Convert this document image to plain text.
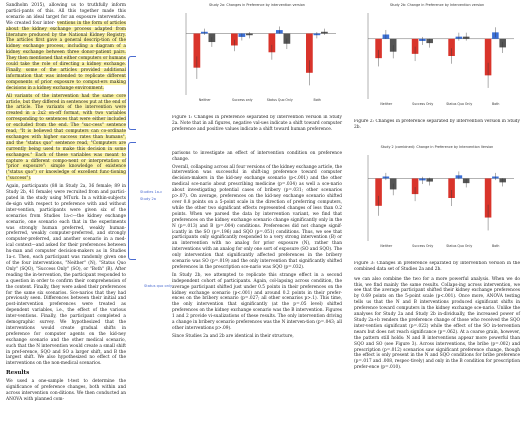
Sandholm 2015), allowing us to truthfully inform partici-pants of this. All this together made this scenario an ideal target for an exposure intervention. We created four inter- ventions in the form of articles about the kidney exchange process adapted from literature produced by the National Kidney Registry. The articles first gave a general descrip-tion of the kidney exchange process, including a diagram of a kidney exchange between three donor-patient pairs. They then mentioned that either computers or humans could take the role of directing a kidney exchange. Finally, some of the articles provided additional information that was intended to replicate different components of prior exposure to comput-ers making decisions in a kidney exchange environment.

All variants of the intervention had the same core article, but they differed in sentences put at the end of the article. The variants of the intervention were created in a 2x2 on-off format, with two variables corresponding to sentences that were either included or excluded from the end. The "suc-cess" sentence read, "It is believed that computers can co-ordinate exchanges with higher success rates than humans", and the "status quo" sentence read, "Computers are currently being used to make this decision in some exchanges." Each of these variables was meant to capture a different compo-nent or interpretation of "prior exposure": simple knowledge of existence ("status quo") or knowledge of excellent func-tioning ("success").

Again, participants (88 in Study 2a, 36 female; 89 in Study 2b, 41 female) were recruited from and partici-pated in the study using MTurk. In a within-subjects de-sign with respect to preference with and without inter-vention, participants were given six of the scenarios from Studies 1a-c—the kidney exchange scenario, one scenario each that in the experiments was strongly human preferred, weakly human-preferred, weakly computer-preferred, and strongly computer-preferred, and another scenario in a med-ical context—and asked for their preferences between hu-man and computer decision-makers as in Studies 1a-c. Then, each participant was randomly given one of the four interventions, "Neither" (N), "Status Quo Only" (SQO), "Success Only" (SO), or "Both" (B). After reading the in-tervention, the participant responded to a question in order to confirm their comprehension of the content. Finally, they were asked their preferences for the same six scenarios. Sce-narios that they had previously seen. Differences between their initial and post-intervention preferences were treated as dependent variables, i.e., the effect of the various inter-ventions. Finally, the participant completed a demographic survey. We hypothesized that the interventions would create gradual shifts in preference for computer agents on the kid-ney exchange scenario and the other medical scenario, such that the N intervention would create a small shift in pref-erence, SQO and SO a larger shift, and B the largest shift. We also hypothesized no effect of the interventions on the non-medical scenarios.

Results

We used a one-sample t-test to determine the significance of preference changes, both within and across intervention con-ditions. We then conducted an ANOVA with planned com-

Studies 1a-c
Study 2a
Status quo only
Study 2a: Changes in Preference by intervention version
Neither	Success only	Status Quo Only	Both

Figure 1: Changes in preference separated by intervention version in Study 2a. Note that in all figures, negative val-ues indicate a shift toward computer preference and positive values indicate a shift toward human preference.

parisons to investigate an effect of intervention condition on preference change.

Overall, collapsing across all four versions of the kidney exchange article, the intervention was successful in shift-ing preference toward computer decision-makers in the kid-ney exchange scenario (p<.001) and the other medical sce-nario about prescribing medicine (p=.034) as well a sce-nario about investigating potential cases of bribery (p=.031; other scenarios p>.07). On average, preferences on the kid-ney exchange scenario shifted over 0.8 points on a 5-point scale in the direction of preferring computers, while the other two significant effects represented changes of less than 0.2 points. When we parsed the data by intervention variant, we find that preferences on the kidney exchange scenario change significantly only in the N (p=.013) and B (p=.004) conditions. Preferences did not change signif-icantly in the SO (p=.196) and SQO (p=.051) conditions. Thus, we see that participants only significantly responded to a very strong intervention (B) or an intervention with no analog for prior exposure (N), rather than interventions with an analog for only one sort of exposure (SO and SQO). The only intervention that significantly affected preferences in the bribery scenario was SO (p=.019) and the only intervention that significantly shifted preferences in the prescription sce-nario was SQO (p=.032).

In Study 2b, we attempted to replicate this strange effect in a second independent cohort of participants. Again, col-lapsing across condition, the average participant shifted just under 0.5 points in their preferences on the kidney exchange scenario (p<.001) and around 0.2 points in their prefer-ences on the bribery scenario (p=.027; all other scenarios p>.1). This time, the only intervention that significantly (at the p=.05 level) shifted preferences on the kidney exchange scenario was the B intervention. Figures 1 and 2 provide vi-sualizations of these results. The only intervention driving a change in bribery scenario preferences was the N interven-tion (p=.043; all other interventions p>.09).

Since Studies 2a and 2b are identical in their structure,

Study 2b: Change in Preference by Intervention version
Neither	Success Only	Status Quo Only	Both

Figure 2: Changes in preference separated by intervention version in Study 2b.

Study 2 (combined): Change in Preference by Intervention Version
Neither	Success Only	Status Quo Only	Both

Figure 3: Changes in preference separated by intervention version in the combined data set of Studies 2a and 2b.

we can also combine the two for a more powerful analysis. When we do this, we find mainly the same results. Collaps-ing across intervention, we see that the average participant shifted their kidney exchange preferences by 0.69 points on the 5-point scale (p<.001). Once more, ANOVA testing tells us that the N and B interventions produced significant shifts in preference toward computers in the kidney exchange sce-nario. Unlike the analyses for Study 2a and Study 2b in-dividually, the increased power of Study 2a+b renders the preference change of those who received the SQO inter-vention significant (p=.022) while the effect of the SO in-tervention nears but does not reach significance (p=.062). At a coarse grain, however, the pattern still holds: N and B interventions appear more powerful than SQO and SO (see Figure 3). Across interventions, the bribe (p=.002) and prescription (p=.012) scenarios saw significant preference change, though the effect is only present in the N and SQO conditions for bribe preference (p=.017 and .008, respec-tively) and only in the B condition for prescription prefer-ence (p=.010).
